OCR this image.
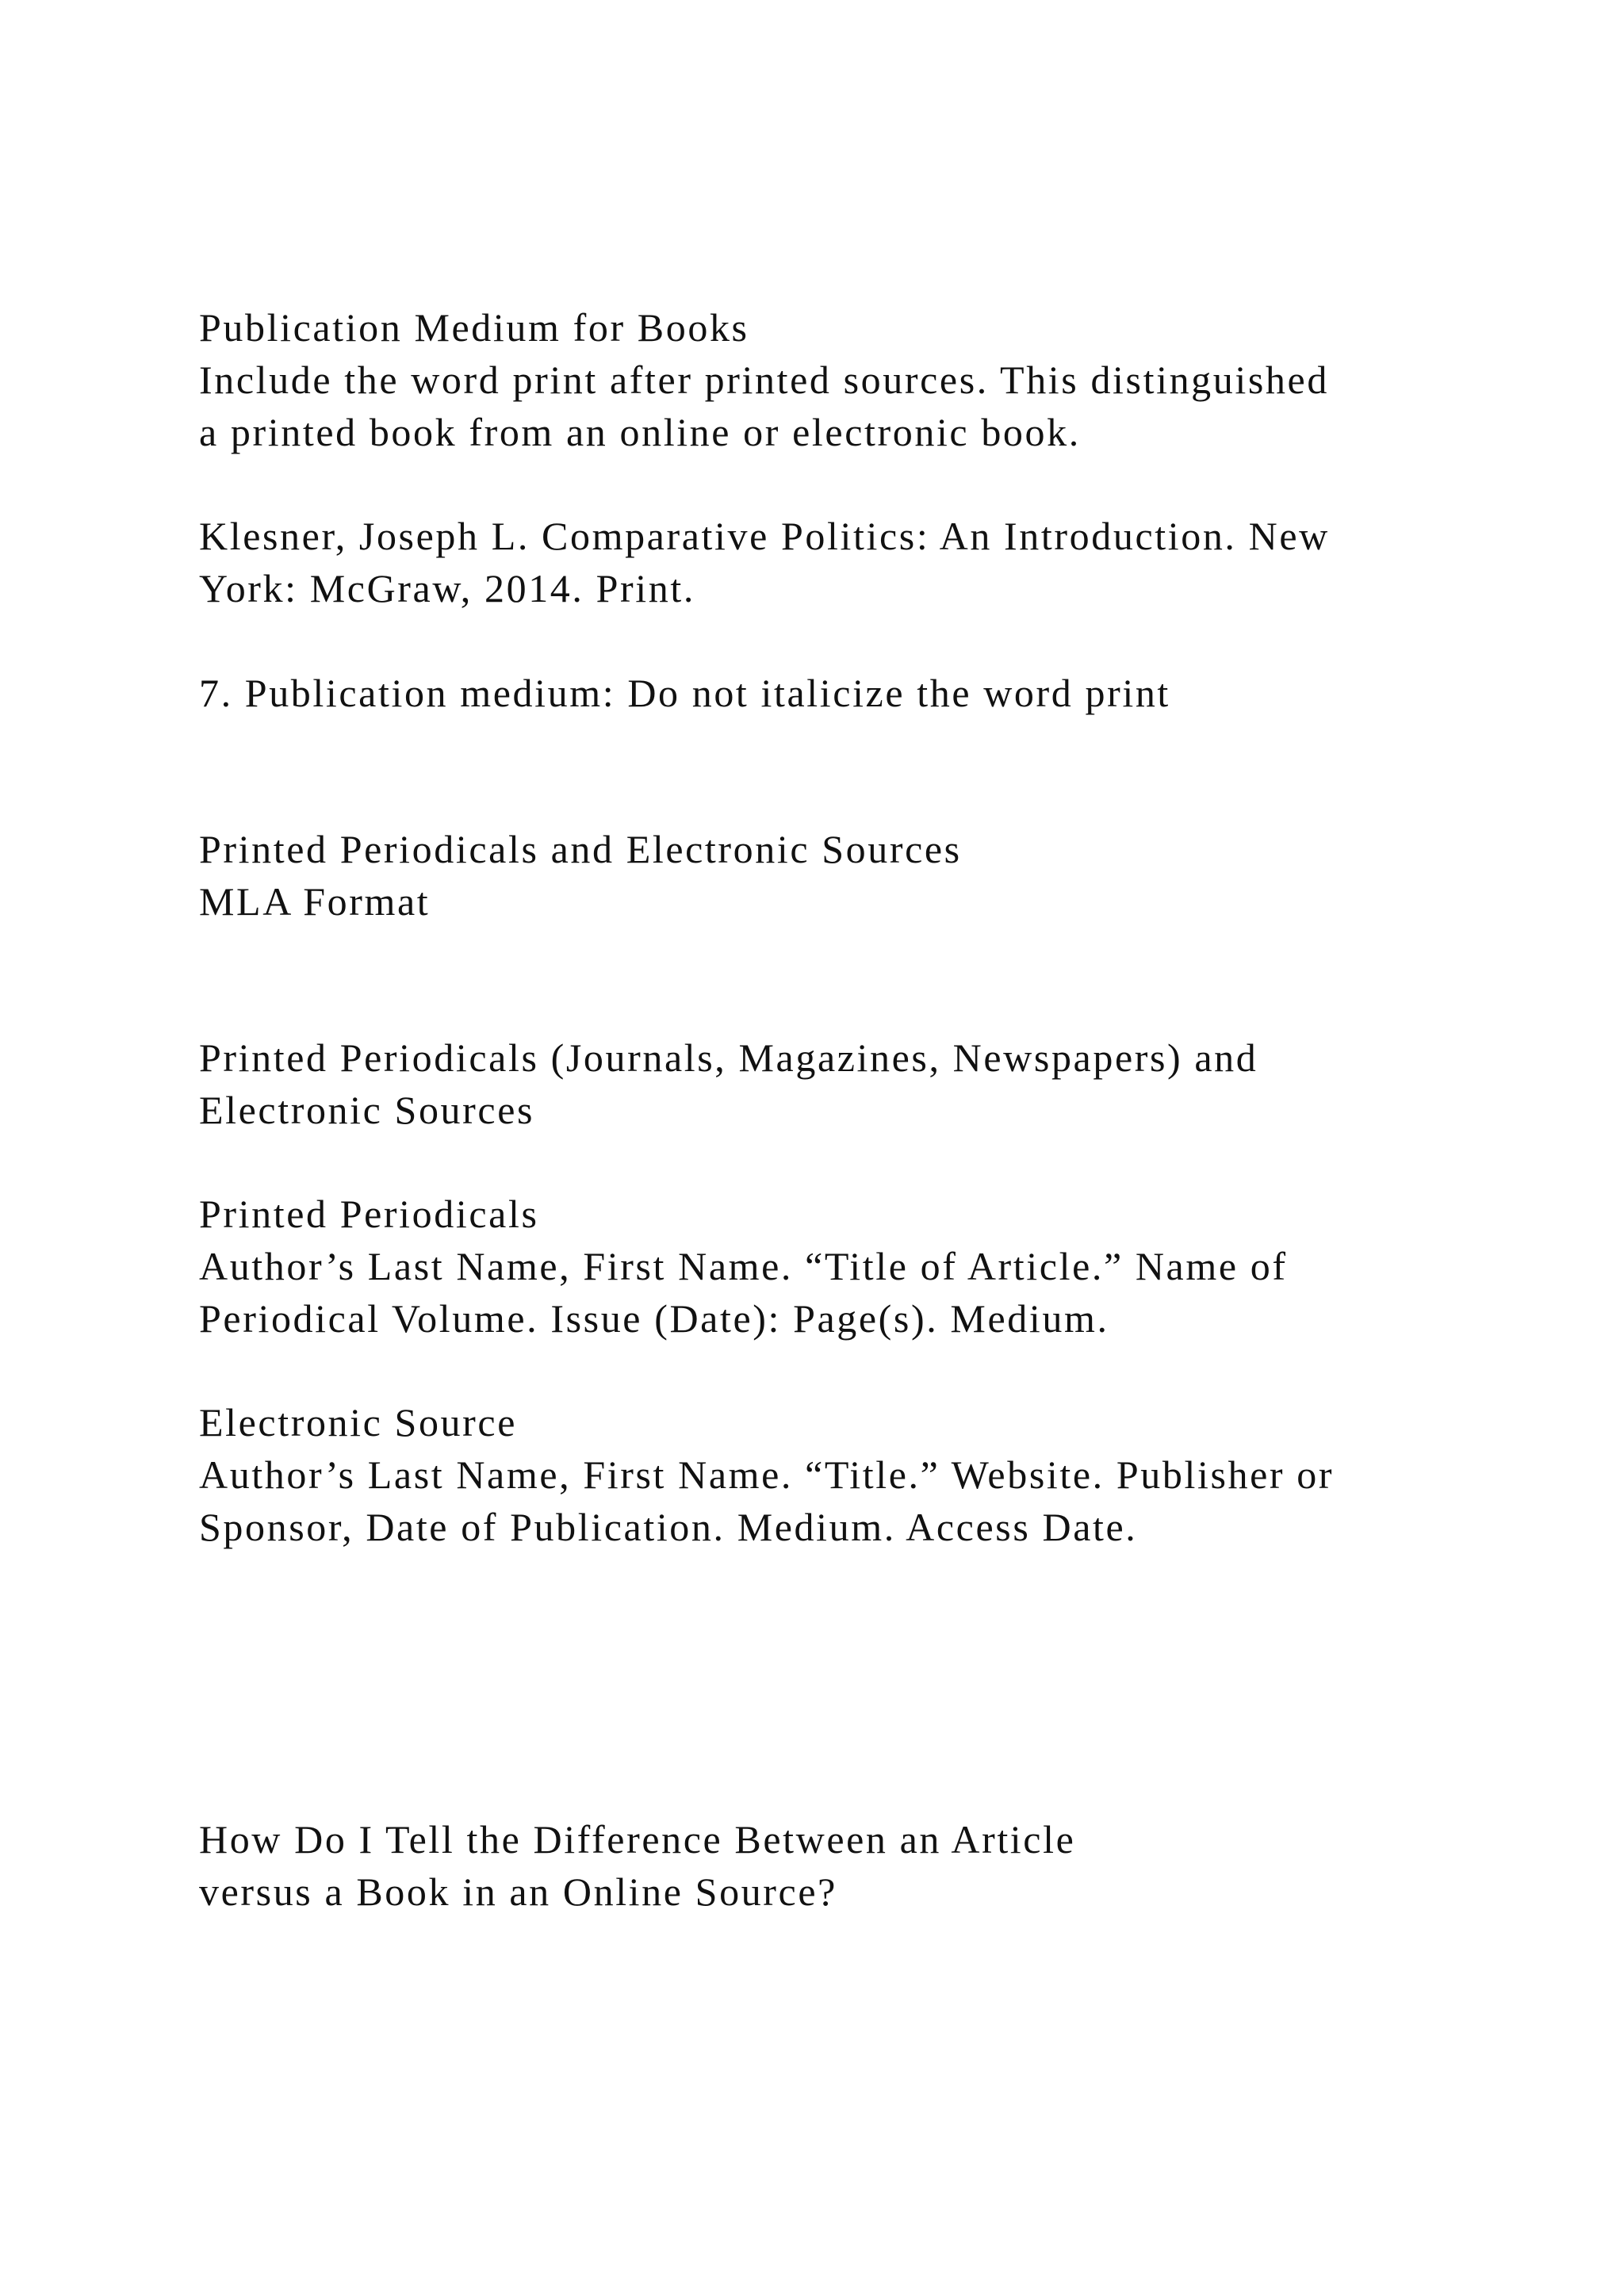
Publication Medium for Books

Include the word print after printed sources. This distinguished

a printed book from an online or electronic book.

Klesner, Joseph L. Comparative Politics: An Introduction. New

York: McGraw, 2014. Print.

7. Publication medium: Do not italicize the word print

Printed Periodicals and Electronic Sources

MLA Format

Printed Periodicals (Journals, Magazines, Newspapers) and

Electronic Sources

Printed Periodicals

Author’s Last Name, First Name. “Title of Article.” Name of

Periodical Volume. Issue (Date): Page(s). Medium.

Electronic Source

Author’s Last Name, First Name. “Title.” Website. Publisher or

Sponsor, Date of Publication. Medium. Access Date.

How Do I Tell the Difference Between an Article

versus a Book in an Online Source?
